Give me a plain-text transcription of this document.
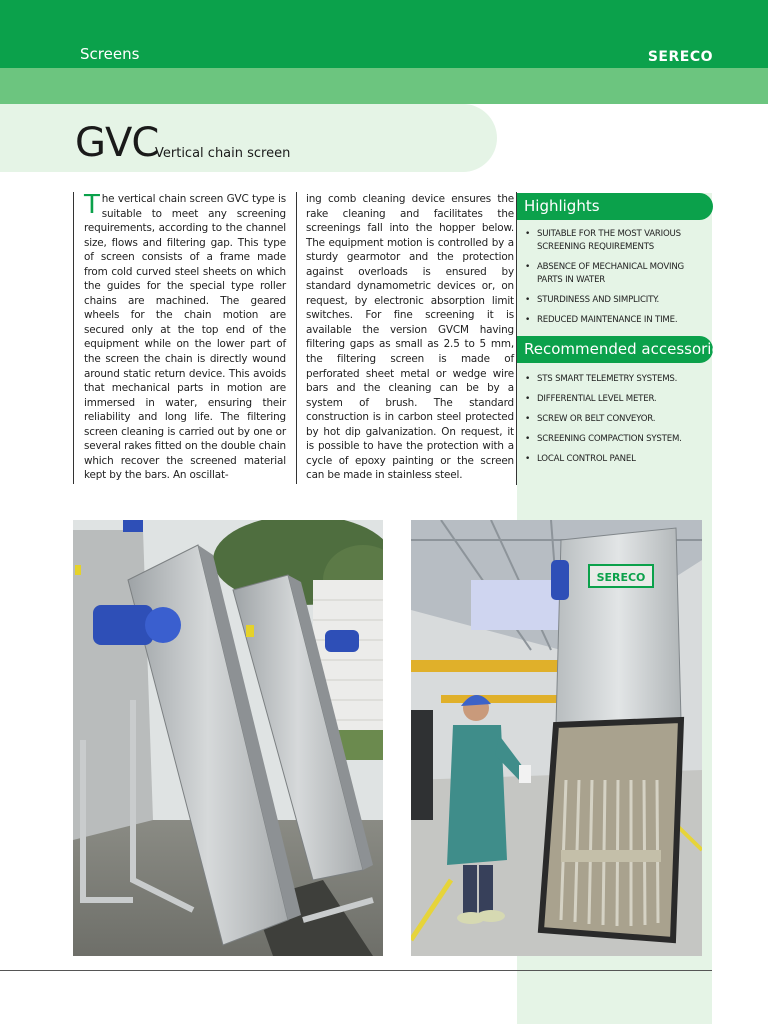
Screens	SERECO
GVC
Vertical chain screen
Highlights
• SUITABLE FOR THE MOST VARIOUS SCREENING REQUIREMENTS
• ABSENCE OF MECHANICAL MOVING PARTS IN WATER
• STURDINESS AND SIMPLICITY.
• REDUCED MAINTENANCE IN TIME.
Recommended accessories
• STS SMART TELEMETRY SYSTEMS.
• DIFFERENTIAL LEVEL METER.
• SCREW OR BELT CONVEYOR.
• SCREENING COMPACTION SYSTEM.
• LOCAL CONTROL PANEL
The vertical chain screen GVC type is suitable to meet any screening requirements, according to the channel size, flows and filtering gap. This type of screen consists of a frame made from cold curved steel sheets on which the guides for the special type roller chains are machined. The geared wheels for the chain motion are secured only at the top end of the equipment while on the lower part of the screen the chain is directly wound around static return device. This avoids that mechanical parts in motion are immersed in water, ensuring their reliability and long life. The filtering screen cleaning is carried out by one or several rakes fitted on the double chain which recover the screened material kept by the bars. An oscillat-
ing comb cleaning device ensures the rake cleaning and facilitates the screenings fall into the hopper below. The equipment motion is controlled by a sturdy gearmotor and the protection against overloads is ensured by standard dynamometric devices or, on request, by electronic absorption limit switches. For fine screening it is available the version GVCM having filtering gaps as small as 2.5 to 5 mm, the filtering screen is made of perforated sheet metal or wedge wire bars and the cleaning can be by a system of brush. The standard construction is in carbon steel protected by hot dip galvanization. On request, it is possible to have the protection with a cycle of epoxy painting or the screen can be made in stainless steel.
SERECO
